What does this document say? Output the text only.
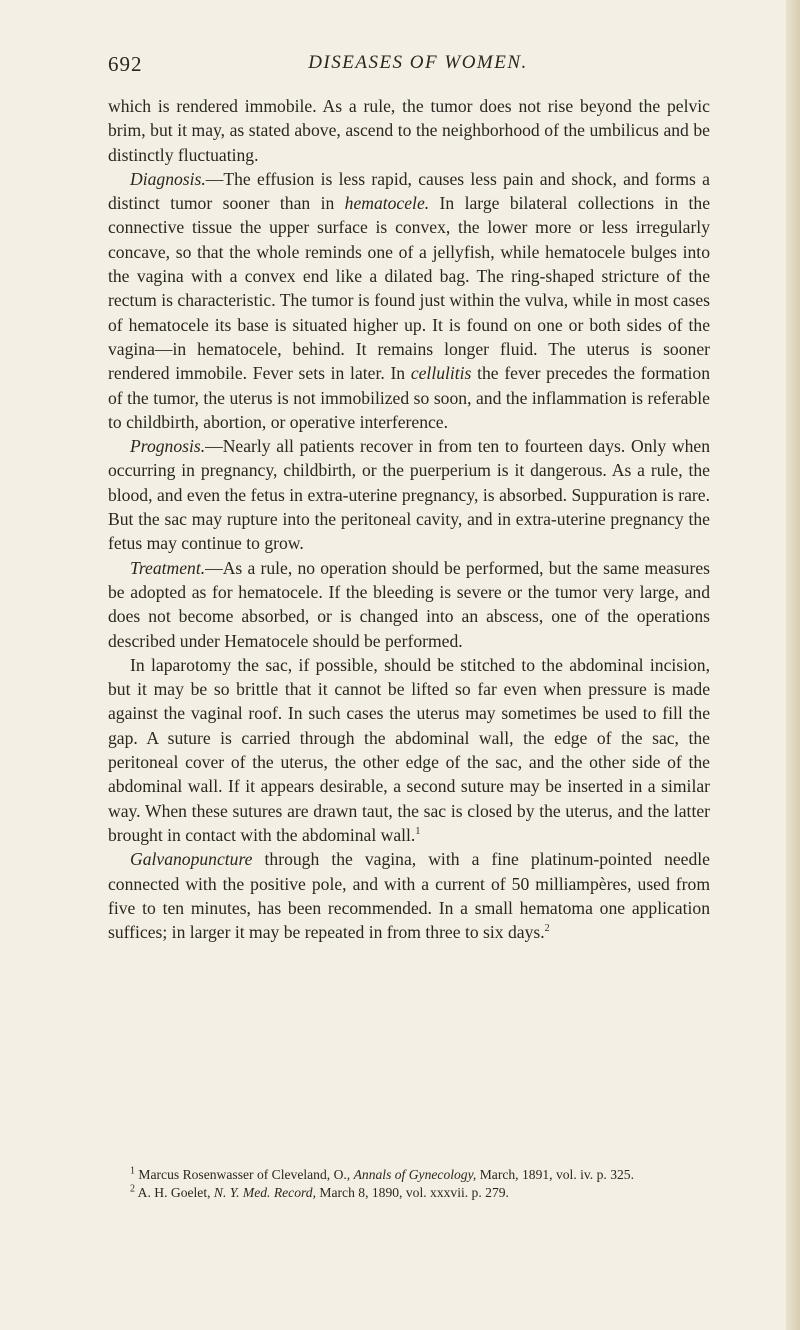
692	DISEASES OF WOMEN.

which is rendered immobile. As a rule, the tumor does not rise beyond the pelvic brim, but it may, as stated above, ascend to the neighborhood of the umbilicus and be distinctly fluctuating.

Diagnosis.—The effusion is less rapid, causes less pain and shock, and forms a distinct tumor sooner than in hematocele. In large bilateral collections in the connective tissue the upper surface is convex, the lower more or less irregularly concave, so that the whole reminds one of a jellyfish, while hematocele bulges into the vagina with a convex end like a dilated bag. The ring-shaped stricture of the rectum is characteristic. The tumor is found just within the vulva, while in most cases of hematocele its base is situated higher up. It is found on one or both sides of the vagina—in hematocele, behind. It remains longer fluid. The uterus is sooner rendered immobile. Fever sets in later. In cellulitis the fever precedes the formation of the tumor, the uterus is not immobilized so soon, and the inflammation is referable to childbirth, abortion, or operative interference.

Prognosis.—Nearly all patients recover in from ten to fourteen days. Only when occurring in pregnancy, childbirth, or the puerperium is it dangerous. As a rule, the blood, and even the fetus in extra-uterine pregnancy, is absorbed. Suppuration is rare. But the sac may rupture into the peritoneal cavity, and in extra-uterine pregnancy the fetus may continue to grow.

Treatment.—As a rule, no operation should be performed, but the same measures be adopted as for hematocele. If the bleeding is severe or the tumor very large, and does not become absorbed, or is changed into an abscess, one of the operations described under Hematocele should be performed.

In laparotomy the sac, if possible, should be stitched to the abdominal incision, but it may be so brittle that it cannot be lifted so far even when pressure is made against the vaginal roof. In such cases the uterus may sometimes be used to fill the gap. A suture is carried through the abdominal wall, the edge of the sac, the peritoneal cover of the uterus, the other edge of the sac, and the other side of the abdominal wall. If it appears desirable, a second suture may be inserted in a similar way. When these sutures are drawn taut, the sac is closed by the uterus, and the latter brought in contact with the abdominal wall.$^1$

Galvanopuncture through the vagina, with a fine platinum-pointed needle connected with the positive pole, and with a current of 50 milliampères, used from five to ten minutes, has been recommended. In a small hematoma one application suffices; in larger it may be repeated in from three to six days.$^2$

$^1$ Marcus Rosenwasser of Cleveland, O., Annals of Gynecology, March, 1891, vol. iv. p. 325.

$^2$ A. H. Goelet, N. Y. Med. Record, March 8, 1890, vol. xxxvii. p. 279.
